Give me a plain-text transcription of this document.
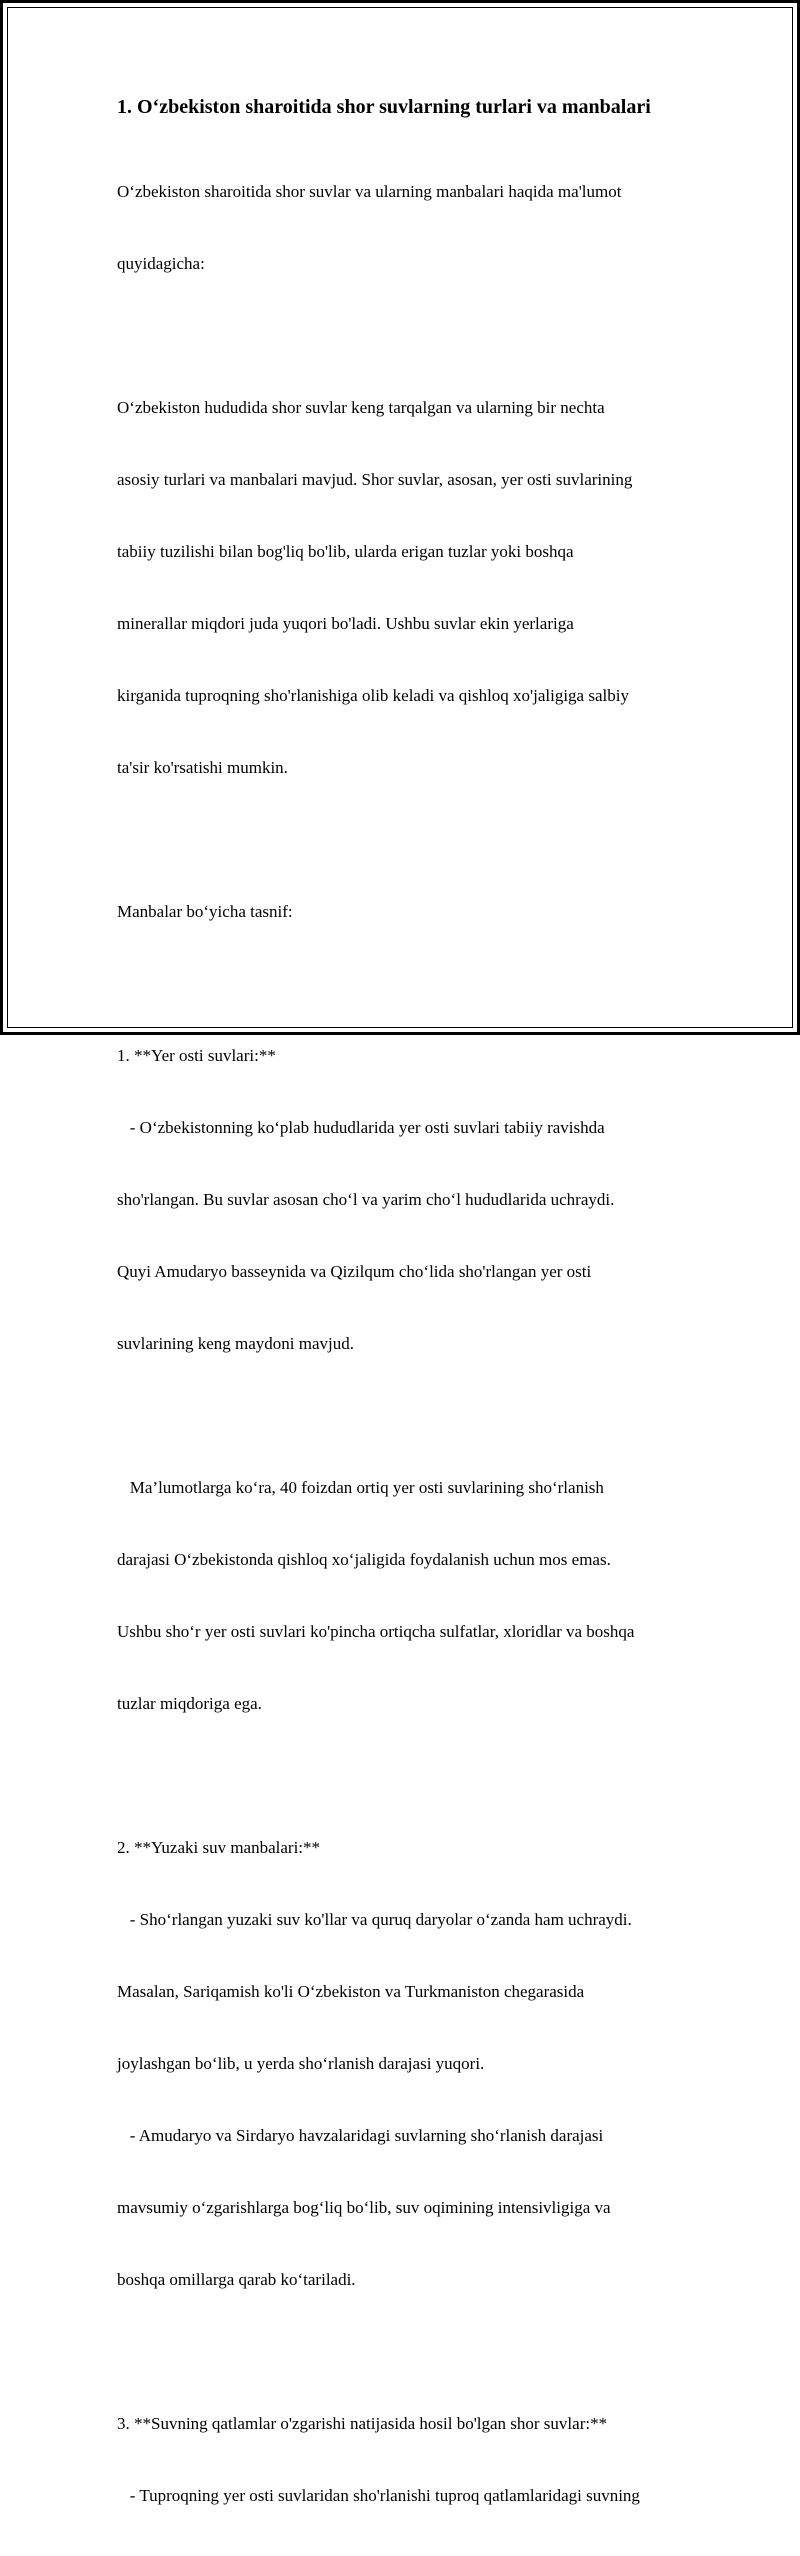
1. O‘zbekiston sharoitida shor suvlarning turlari va manbalari

O‘zbekiston sharoitida shor suvlar va ularning manbalari haqida ma'lumot

quyidagicha:

O‘zbekiston hududida shor suvlar keng tarqalgan va ularning bir nechta

asosiy turlari va manbalari mavjud. Shor suvlar, asosan, yer osti suvlarining

tabiiy tuzilishi bilan bog'liq bo'lib, ularda erigan tuzlar yoki boshqa

minerallar miqdori juda yuqori bo'ladi. Ushbu suvlar ekin yerlariga

kirganida tuproqning sho'rlanishiga olib keladi va qishloq xo'jaligiga salbiy

ta'sir ko'rsatishi mumkin.

Manbalar bo‘yicha tasnif:

1. **Yer osti suvlari:**

- O‘zbekistonning ko‘plab hududlarida yer osti suvlari tabiiy ravishda

sho'rlangan. Bu suvlar asosan cho‘l va yarim cho‘l hududlarida uchraydi.

Quyi Amudaryo basseynida va Qizilqum cho‘lida sho'rlangan yer osti

suvlarining keng maydoni mavjud.

Ma’lumotlarga ko‘ra, 40 foizdan ortiq yer osti suvlarining sho‘rlanish

darajasi O‘zbekistonda qishloq xo‘jaligida foydalanish uchun mos emas.

Ushbu sho‘r yer osti suvlari ko'pincha ortiqcha sulfatlar, xloridlar va boshqa

tuzlar miqdoriga ega.

2. **Yuzaki suv manbalari:**

- Sho‘rlangan yuzaki suv ko'llar va quruq daryolar o‘zanda ham uchraydi.

Masalan, Sariqamish ko'li O‘zbekiston va Turkmaniston chegarasida

joylashgan bo‘lib, u yerda sho‘rlanish darajasi yuqori.

- Amudaryo va Sirdaryo havzalaridagi suvlarning sho‘rlanish darajasi

mavsumiy o‘zgarishlarga bog‘liq bo‘lib, suv oqimining intensivligiga va

boshqa omillarga qarab ko‘tariladi.

3. **Suvning qatlamlar o'zgarishi natijasida hosil bo'lgan shor suvlar:**

- Tuproqning yer osti suvlaridan sho'rlanishi tuproq qatlamlaridagi suvning
